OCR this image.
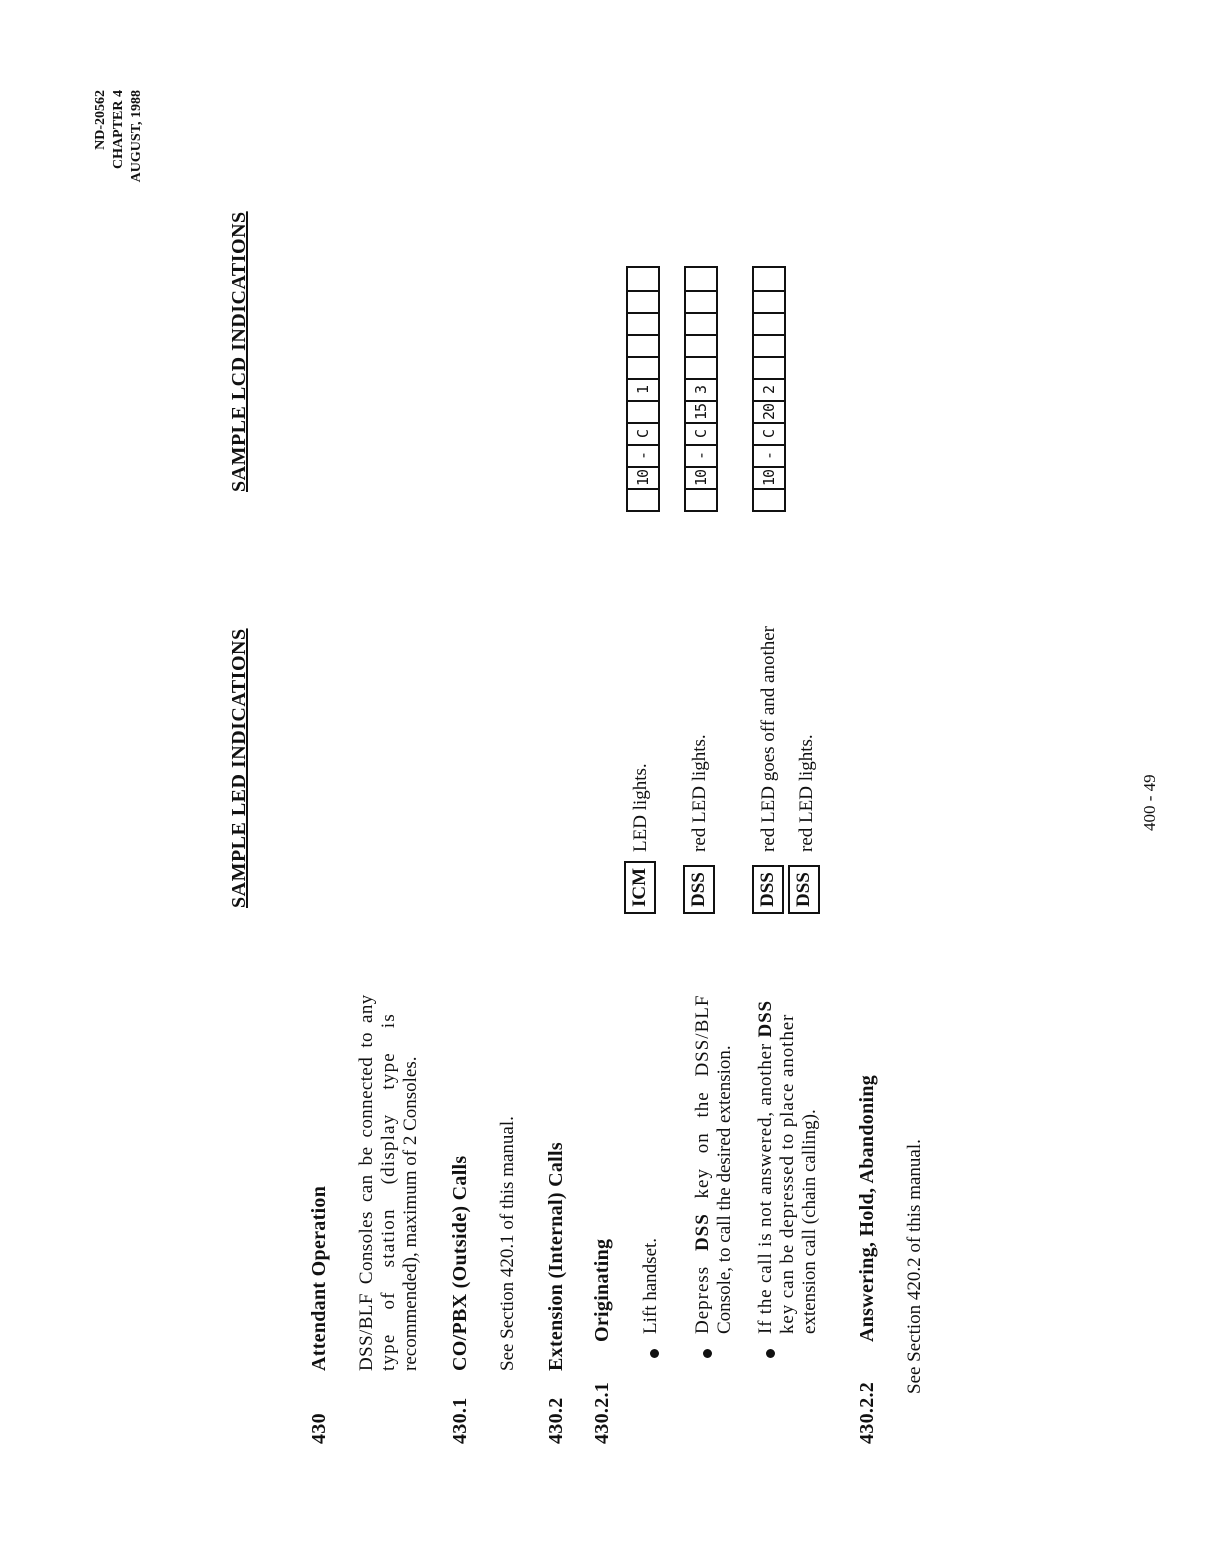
ND-20562 CHAPTER 4 AUGUST, 1988
430
Attendant Operation DSS/BLF Consoles can be connected to any type of station (display type is recommended), maximum of 2 Consoles.
430.1
CO/PBX (Outside) Calls See Section 420.1 of this manual.
430.2
Extension (Internal) Calls
430.2.1
Originating Lift handset. Depress DSS key on the DSS/BLF Console, to call the desired extension. If the call is not answered, another DSS key can be depressed to place another extension call (chain calling).
430.2.2
Answering, Hold, Abandoning See Section 420.2 of this manual.
SAMPLE LED INDICATIONS
SAMPLE LCD INDICATIONS
ICM
LED lights.
DSS
red LED lights.
DSS
red LED goes off and another
DSS
red LED lights.
10
-
C
1
10
-
C
15
3
10
-
C
20
2
400 - 49
